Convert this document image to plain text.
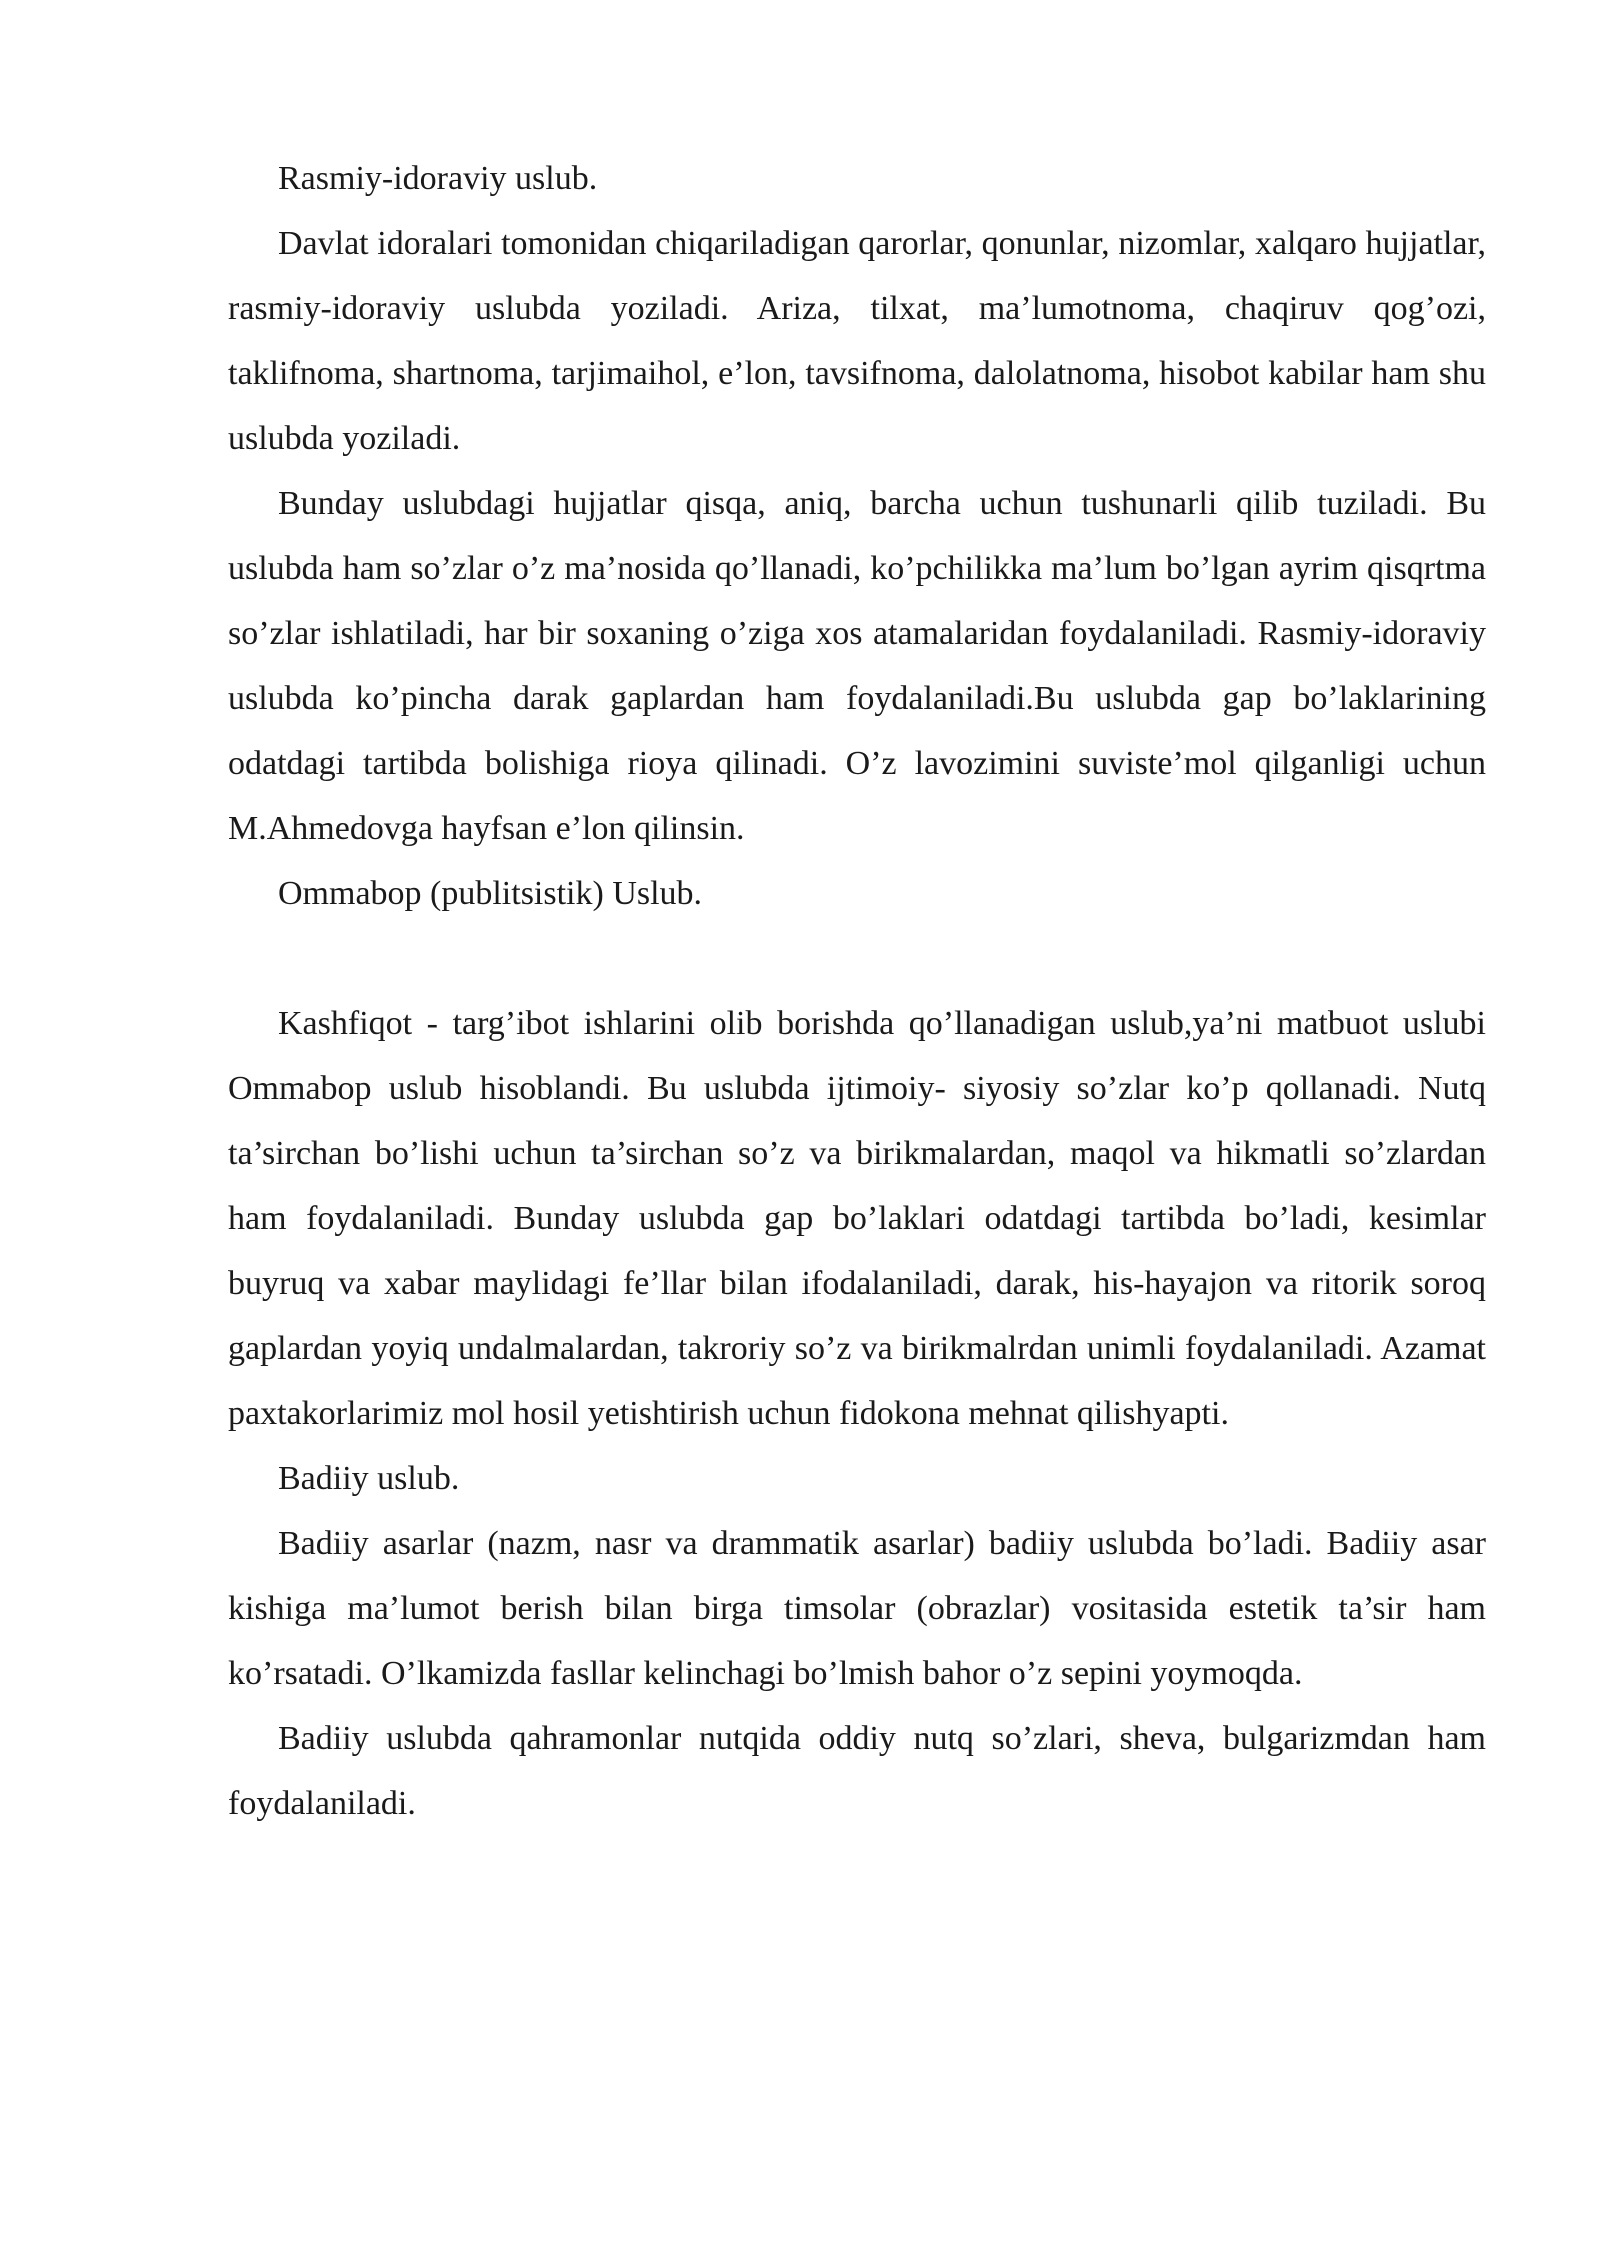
Rasmiy-idoraviy uslub.

Davlat idoralari tomonidan chiqariladigan qarorlar, qonunlar, nizomlar, xalqaro hujjatlar, rasmiy-idoraviy uslubda yoziladi. Ariza, tilxat, ma’lumotnoma, chaqiruv qog’ozi, taklifnoma, shartnoma, tarjimaihol, e’lon, tavsifnoma, dalolatnoma, hisobot kabilar ham shu uslubda yoziladi.

Bunday uslubdagi hujjatlar qisqa, aniq, barcha uchun tushunarli qilib tuziladi. Bu uslubda ham so’zlar o’z ma’nosida qo’llanadi, ko’pchilikka ma’lum bo’lgan ayrim qisqrtma so’zlar ishlatiladi, har bir soxaning o’ziga xos atamalaridan foydalaniladi. Rasmiy-idoraviy uslubda ko’pincha darak gaplardan ham foydalaniladi.Bu uslubda gap bo’laklarining odatdagi tartibda bolishiga rioya qilinadi. O’z lavozimini suviste’mol qilganligi uchun M.Ahmedovga hayfsan e’lon qilinsin.

Ommabop (publitsistik) Uslub.

Kashfiqot - targ’ibot ishlarini olib borishda qo’llanadigan uslub,ya’ni matbuot uslubi Ommabop uslub hisoblandi. Bu uslubda ijtimoiy- siyosiy so’zlar ko’p qollanadi. Nutq ta’sirchan bo’lishi uchun ta’sirchan so’z va birikmalardan, maqol va hikmatli so’zlardan ham foydalaniladi. Bunday uslubda gap bo’laklari odatdagi tartibda bo’ladi, kesimlar buyruq va xabar maylidagi fe’llar bilan ifodalaniladi, darak, his-hayajon va ritorik soroq gaplardan yoyiq undalmalardan, takroriy so’z va birikmalrdan unimli foydalaniladi. Azamat paxtakorlarimiz mol hosil yetishtirish uchun fidokona mehnat qilishyapti.

Badiiy uslub.

Badiiy asarlar (nazm, nasr va drammatik asarlar) badiiy uslubda bo’ladi. Badiiy asar kishiga ma’lumot berish bilan birga timsolar (obrazlar) vositasida estetik ta’sir ham ko’rsatadi. O’lkamizda fasllar kelinchagi bo’lmish bahor o’z sepini yoymoqda.

Badiiy uslubda qahramonlar nutqida oddiy nutq so’zlari, sheva, bulgarizmdan ham foydalaniladi.
